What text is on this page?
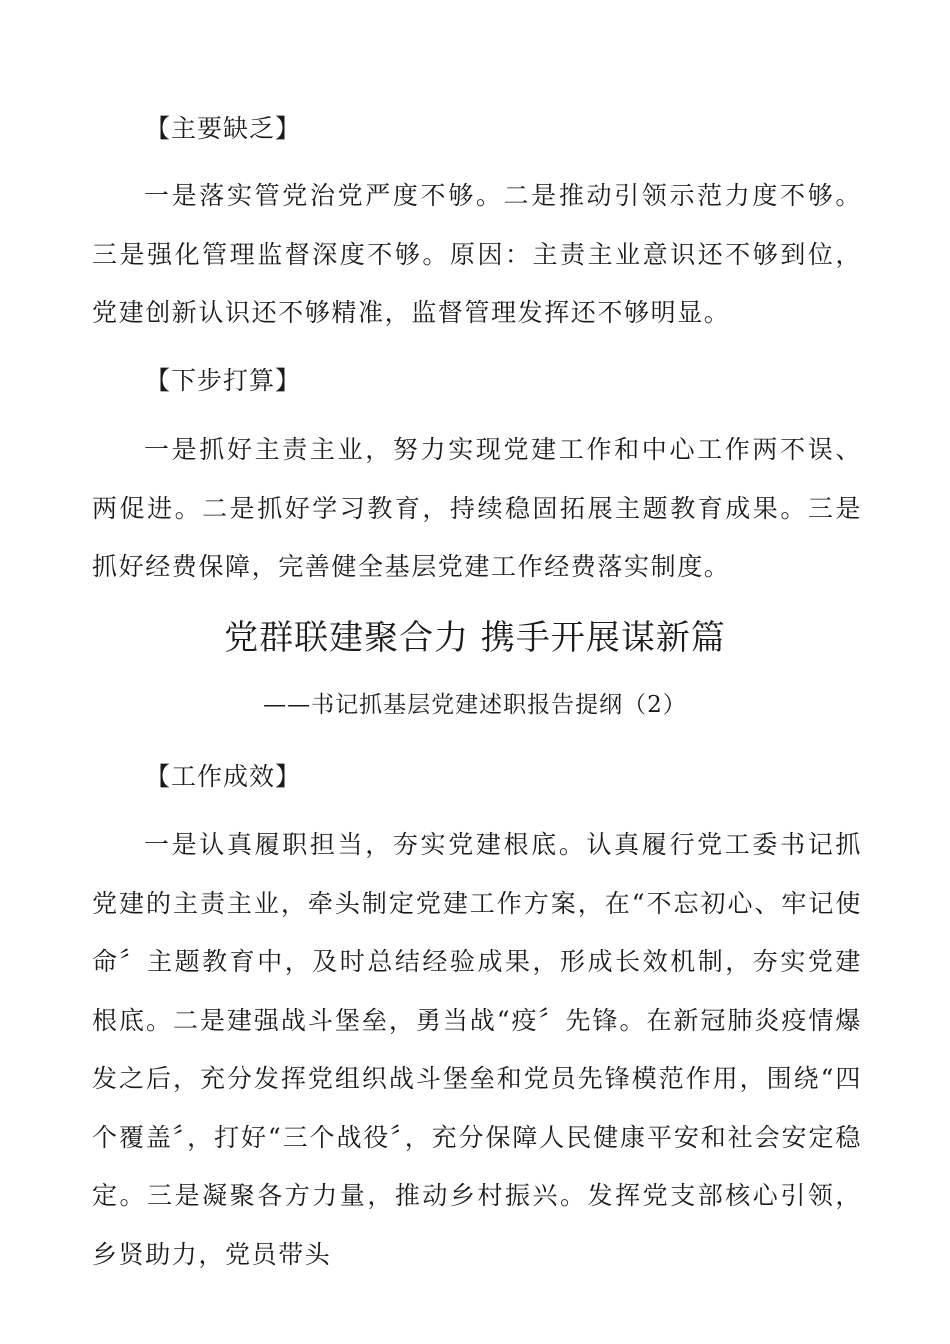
【主要缺乏】
一是落实管党治党严度不够。二是推动引领示范力度不够。三是强化管理监督深度不够。原因：主责主业意识还不够到位，党建创新认识还不够精准，监督管理发挥还不够明显。
【下步打算】
一是抓好主责主业，努力实现党建工作和中心工作两不误、两促进。二是抓好学习教育，持续稳固拓展主题教育成果。三是抓好经费保障，完善健全基层党建工作经费落实制度。
党群联建聚合力 携手开展谋新篇
——书记抓基层党建述职报告提纲（2）
【工作成效】
一是认真履职担当，夯实党建根底。认真履行党工委书记抓党建的主责主业，牵头制定党建工作方案，在“不忘初心、牢记使命〞主题教育中，及时总结经验成果，形成长效机制，夯实党建根底。二是建强战斗堡垒，勇当战“疫〞先锋。在新冠肺炎疫情爆发之后，充分发挥党组织战斗堡垒和党员先锋模范作用，围绕“四个覆盖〞，打好“三个战役〞，充分保障人民健康平安和社会安定稳定。三是凝聚各方力量，推动乡村振兴。发挥党支部核心引领，乡贤助力，党员带头
